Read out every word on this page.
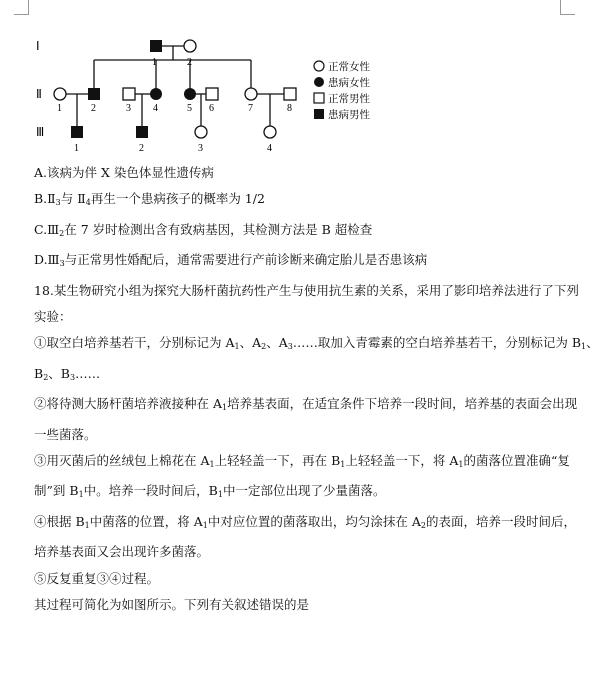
Ⅰ
Ⅱ
Ⅲ
1	2
1	2	3 4	5 6	7	8
1	2	3	4
正常女性
患病女性
正常男性
患病男性
A.该病为伴 X 染色体显性遗传病
$B.Ⅱ_3$与 $Ⅱ_4$再生一个患病孩子的概率为 1/2
$C.Ⅲ_2$在 7 岁时检测出含有致病基因，其检测方法是 B 超检查
$D.Ⅲ_3$与正常男性婚配后，通常需要进行产前诊断来确定胎儿是否患该病
18.某生物研究小组为探究大肠杆菌抗药性产生与使用抗生素的关系，采用了影印培养法进行了下列
实验：
①取空白培养基若干，分别标记为 $A_1$、$A_2$、$A_3\dots\dots$取加入青霉素的空白培养基若干，分别标记为 $B_1$、
$B_2$、$B_3\dots\dots$
②将待测大肠杆菌培养液接种在 $A_1$培养基表面，在适宜条件下培养一段时间，培养基的表面会出现
一些菌落。
③用灭菌后的丝绒包上棉花在 $A_1$上轻轻盖一下，再在 $B_1$上轻轻盖一下，将 $A_1$的菌落位置准确“复
制”到 $B_1$中。培养一段时间后，$B_1$中一定部位出现了少量菌落。
④根据 $B_1$中菌落的位置，将 $A_1$中对应位置的菌落取出，均匀涂抹在 $A_2$的表面，培养一段时间后，
培养基表面又会出现许多菌落。
⑤反复重复③④过程。
其过程可简化为如图所示。下列有关叙述错误的是
